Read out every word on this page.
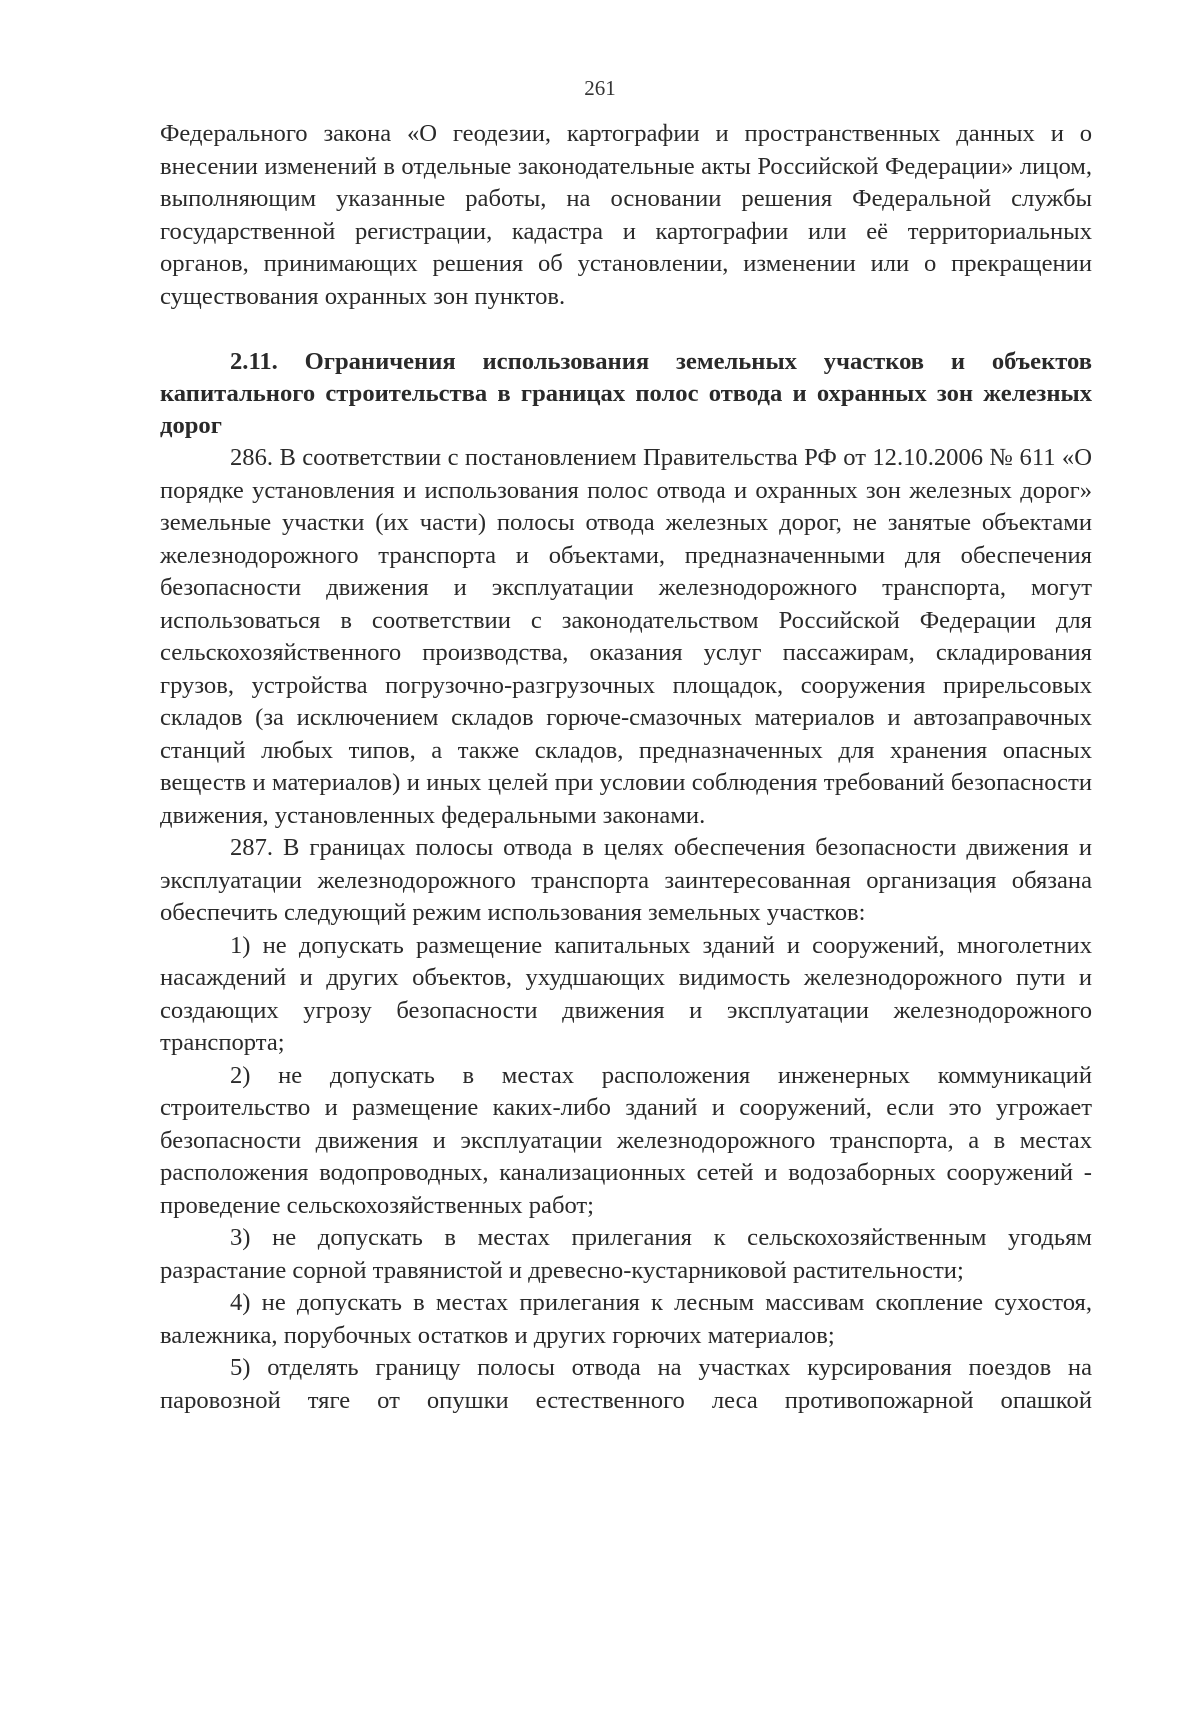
261

Федерального закона «О геодезии, картографии и пространственных данных и о внесении изменений в отдельные законодательные акты Российской Федерации» лицом, выполняющим указанные работы, на основании решения Федеральной службы государственной регистрации, кадастра и картографии или её территориальных органов, принимающих решения об установлении, изменении или о прекращении существования охранных зон пунктов.

2.11. Ограничения использования земельных участков и объектов капитального строительства в границах полос отвода и охранных зон железных дорог

286. В соответствии с постановлением Правительства РФ от 12.10.2006 № 611 «О порядке установления и использования полос отвода и охранных зон железных дорог» земельные участки (их части) полосы отвода железных дорог, не занятые объектами железнодорожного транспорта и объектами, предназначенными для обеспечения безопасности движения и эксплуатации железнодорожного транспорта, могут использоваться в соответствии с законодательством Российской Федерации для сельскохозяйственного производства, оказания услуг пассажирам, складирования грузов, устройства погрузочно-разгрузочных площадок, сооружения прирельсовых складов (за исключением складов горюче-смазочных материалов и автозаправочных станций любых типов, а также складов, предназначенных для хранения опасных веществ и материалов) и иных целей при условии соблюдения требований безопасности движения, установленных федеральными законами.

287. В границах полосы отвода в целях обеспечения безопасности движения и эксплуатации железнодорожного транспорта заинтересованная организация обязана обеспечить следующий режим использования земельных участков:

1) не допускать размещение капитальных зданий и сооружений, многолетних насаждений и других объектов, ухудшающих видимость железнодорожного пути и создающих угрозу безопасности движения и эксплуатации железнодорожного транспорта;

2) не допускать в местах расположения инженерных коммуникаций строительство и размещение каких-либо зданий и сооружений, если это угрожает безопасности движения и эксплуатации железнодорожного транспорта, а в местах расположения водопроводных, канализационных сетей и водозаборных сооружений - проведение сельскохозяйственных работ;

3) не допускать в местах прилегания к сельскохозяйственным угодьям разрастание сорной травянистой и древесно-кустарниковой растительности;

4) не допускать в местах прилегания к лесным массивам скопление сухостоя, валежника, порубочных остатков и других горючих материалов;

5) отделять границу полосы отвода на участках курсирования поездов на паровозной тяге от опушки естественного леса противопожарной опашкой
